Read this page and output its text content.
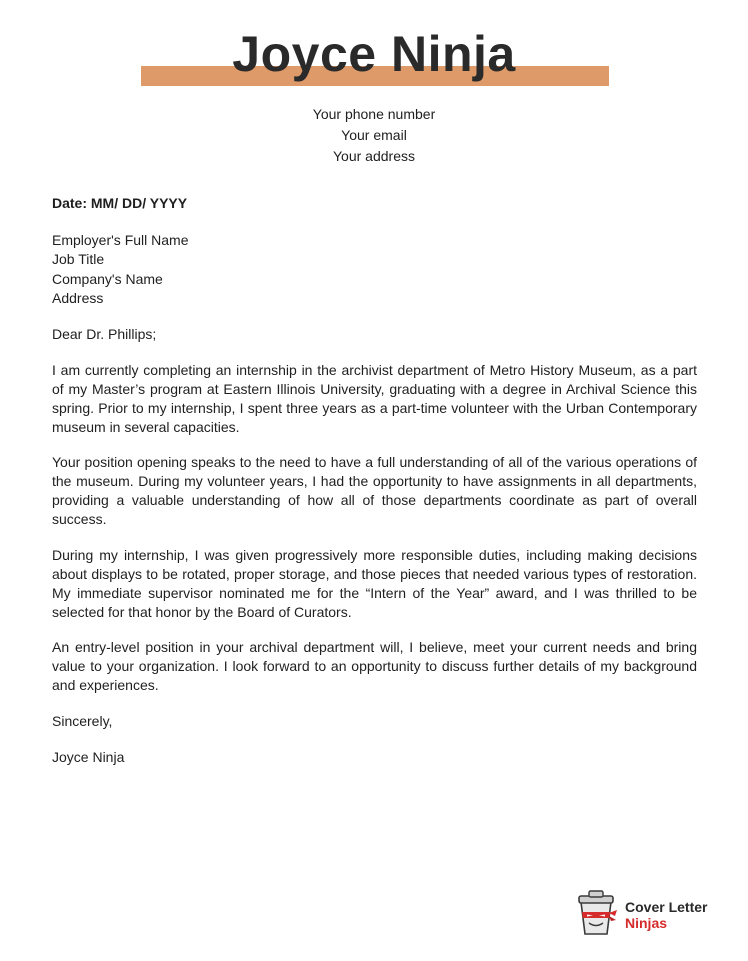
Joyce Ninja
Your phone number
Your email
Your address
Date: MM/ DD/ YYYY
Employer's Full Name
Job Title
Company's Name
Address
Dear Dr. Phillips;
I am currently completing an internship in the archivist department of Metro History Museum, as a part of my Master’s program at Eastern Illinois University, graduating with a degree in Archival Science this spring. Prior to my internship, I spent three years as a part-time volunteer with the Urban Contemporary museum in several capacities.
Your position opening speaks to the need to have a full understanding of all of the various operations of the museum. During my volunteer years, I had the opportunity to have assignments in all departments, providing a valuable understanding of how all of those departments coordinate as part of overall success.
During my internship, I was given progressively more responsible duties, including making decisions about displays to be rotated, proper storage, and those pieces that needed various types of restoration. My immediate supervisor nominated me for the “Intern of the Year” award, and I was thrilled to be selected for that honor by the Board of Curators.
An entry-level position in your archival department will, I believe, meet your current needs and bring value to your organization. I look forward to an opportunity to discuss further details of my background and experiences.
Sincerely,
Joyce Ninja
Cover Letter
Ninjas
